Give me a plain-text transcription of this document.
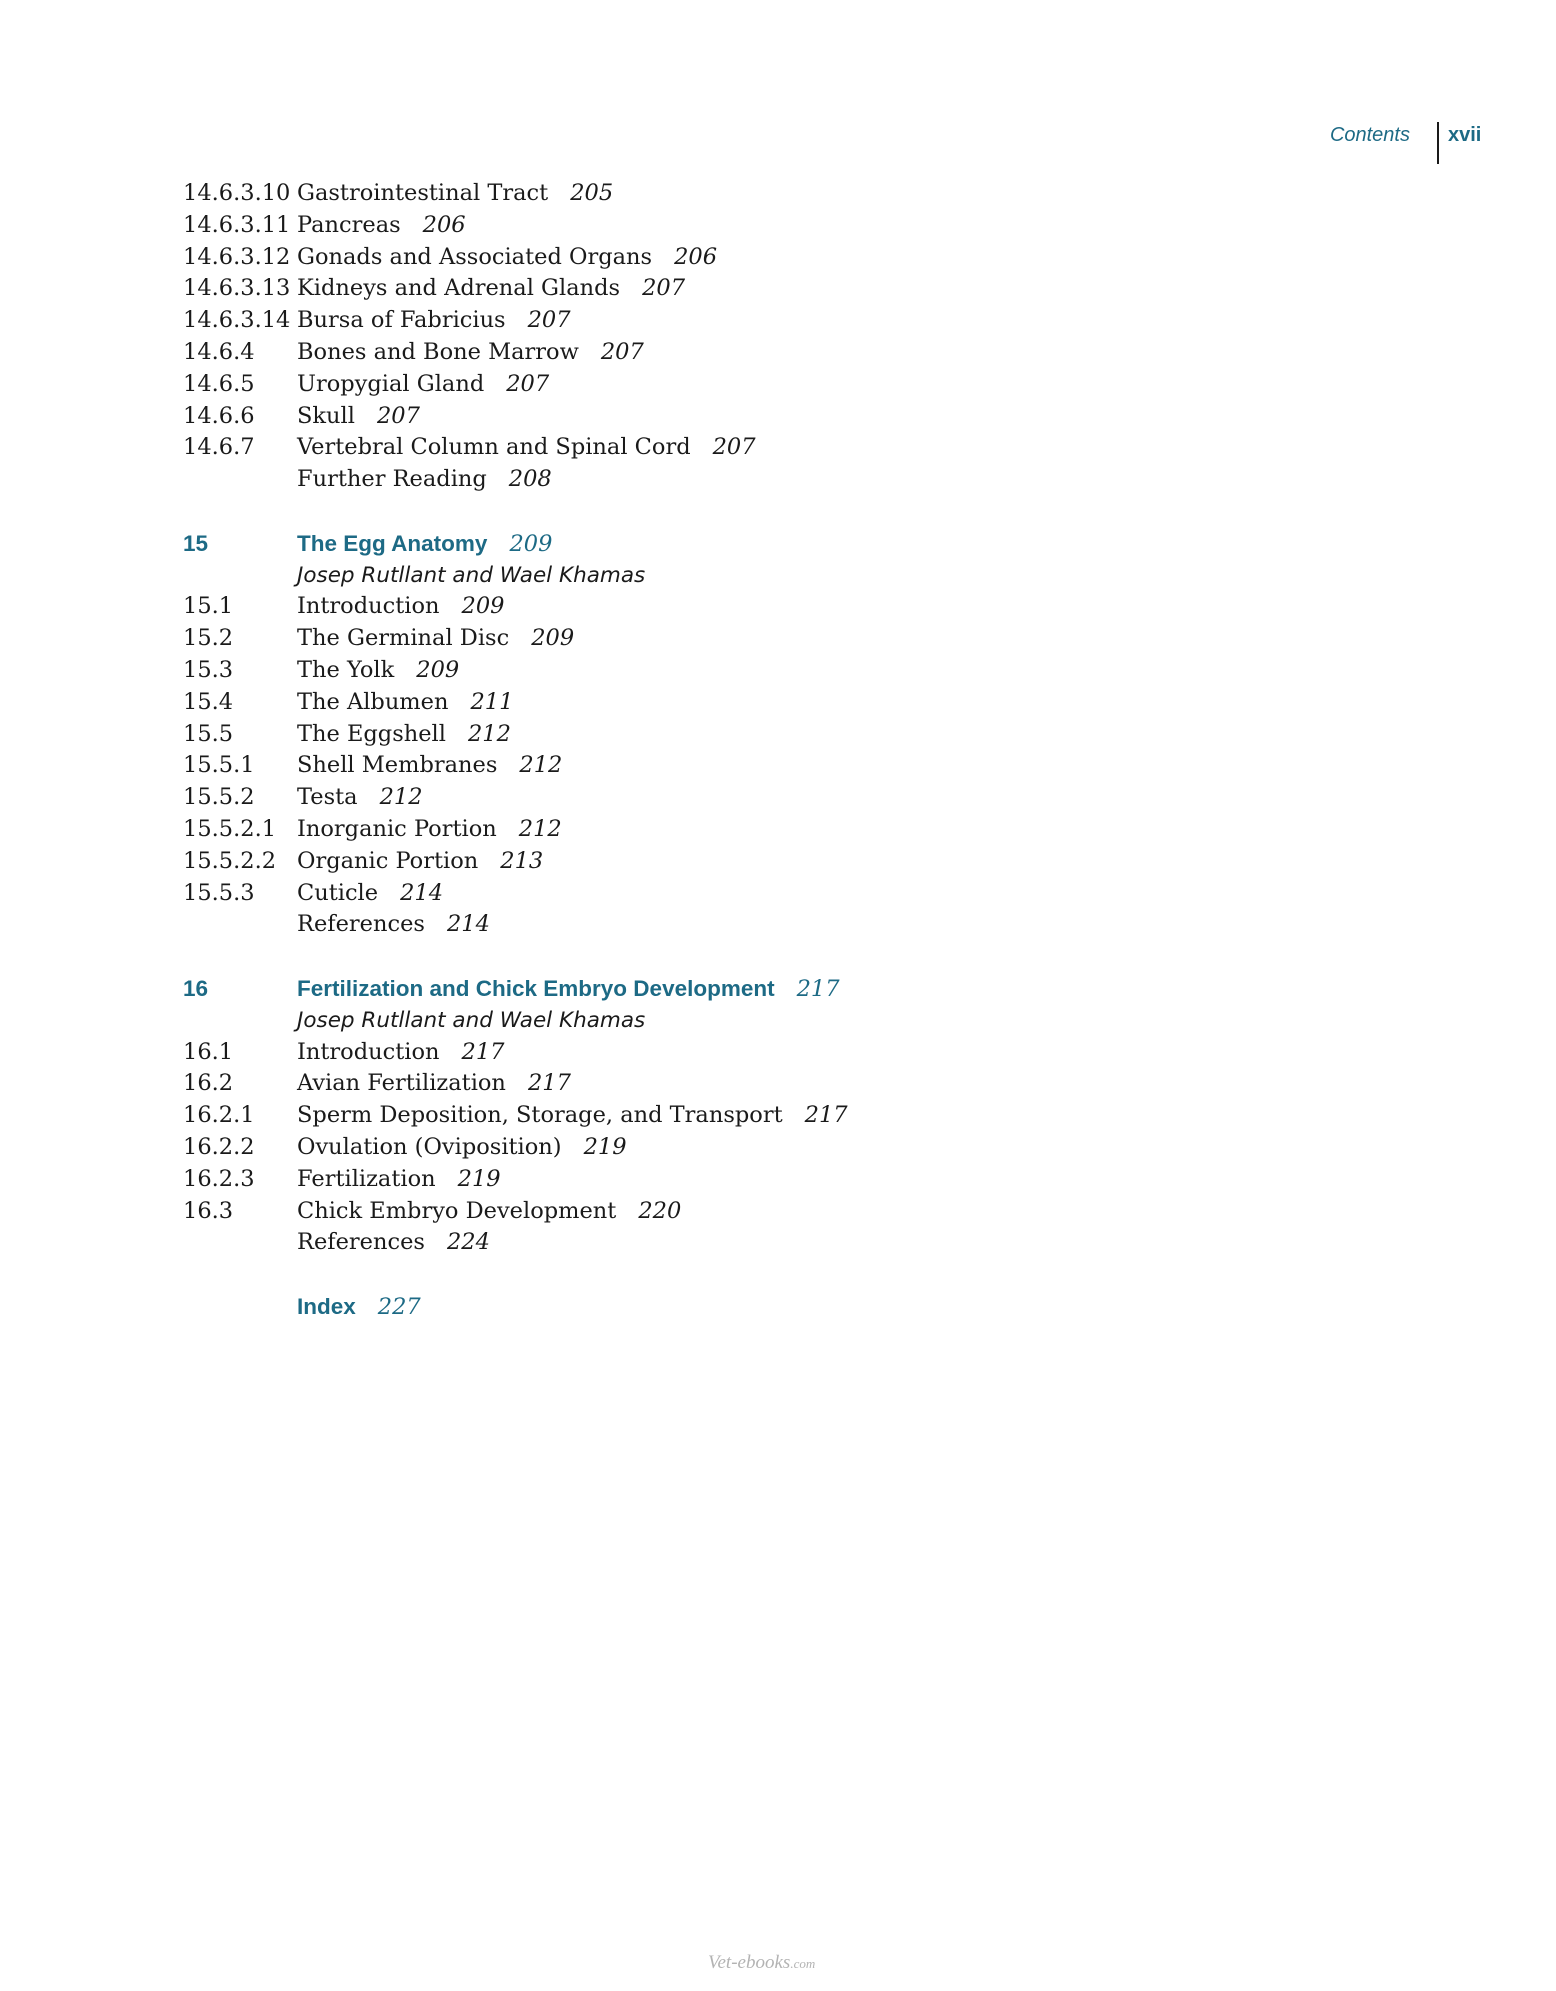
Contents xvii
14.6.3.10 Gastrointestinal Tract 205
14.6.3.11 Pancreas 206
14.6.3.12 Gonads and Associated Organs 206
14.6.3.13 Kidneys and Adrenal Glands 207
14.6.3.14 Bursa of Fabricius 207
14.6.4 Bones and Bone Marrow 207
14.6.5 Uropygial Gland 207
14.6.6 Skull 207
14.6.7 Vertebral Column and Spinal Cord 207
Further Reading 208
15	The Egg Anatomy 209
Josep Rutllant and Wael Khamas
15.1	Introduction 209
15.2	The Germinal Disc 209
15.3	The Yolk 209
15.4	The Albumen 211
15.5	The Eggshell 212
15.5.1 Shell Membranes 212
15.5.2 Testa 212
15.5.2.1 Inorganic Portion 212
15.5.2.2 Organic Portion 213
15.5.3 Cuticle 214
References 214
16	Fertilization and Chick Embryo Development 217
Josep Rutllant and Wael Khamas
16.1	Introduction 217
16.2	Avian Fertilization 217
16.2.1 Sperm Deposition, Storage, and Transport 217
16.2.2 Ovulation (Oviposition) 219
16.2.3 Fertilization 219
16.3	Chick Embryo Development 220
References 224
Index 227
Vet-ebooks.com
